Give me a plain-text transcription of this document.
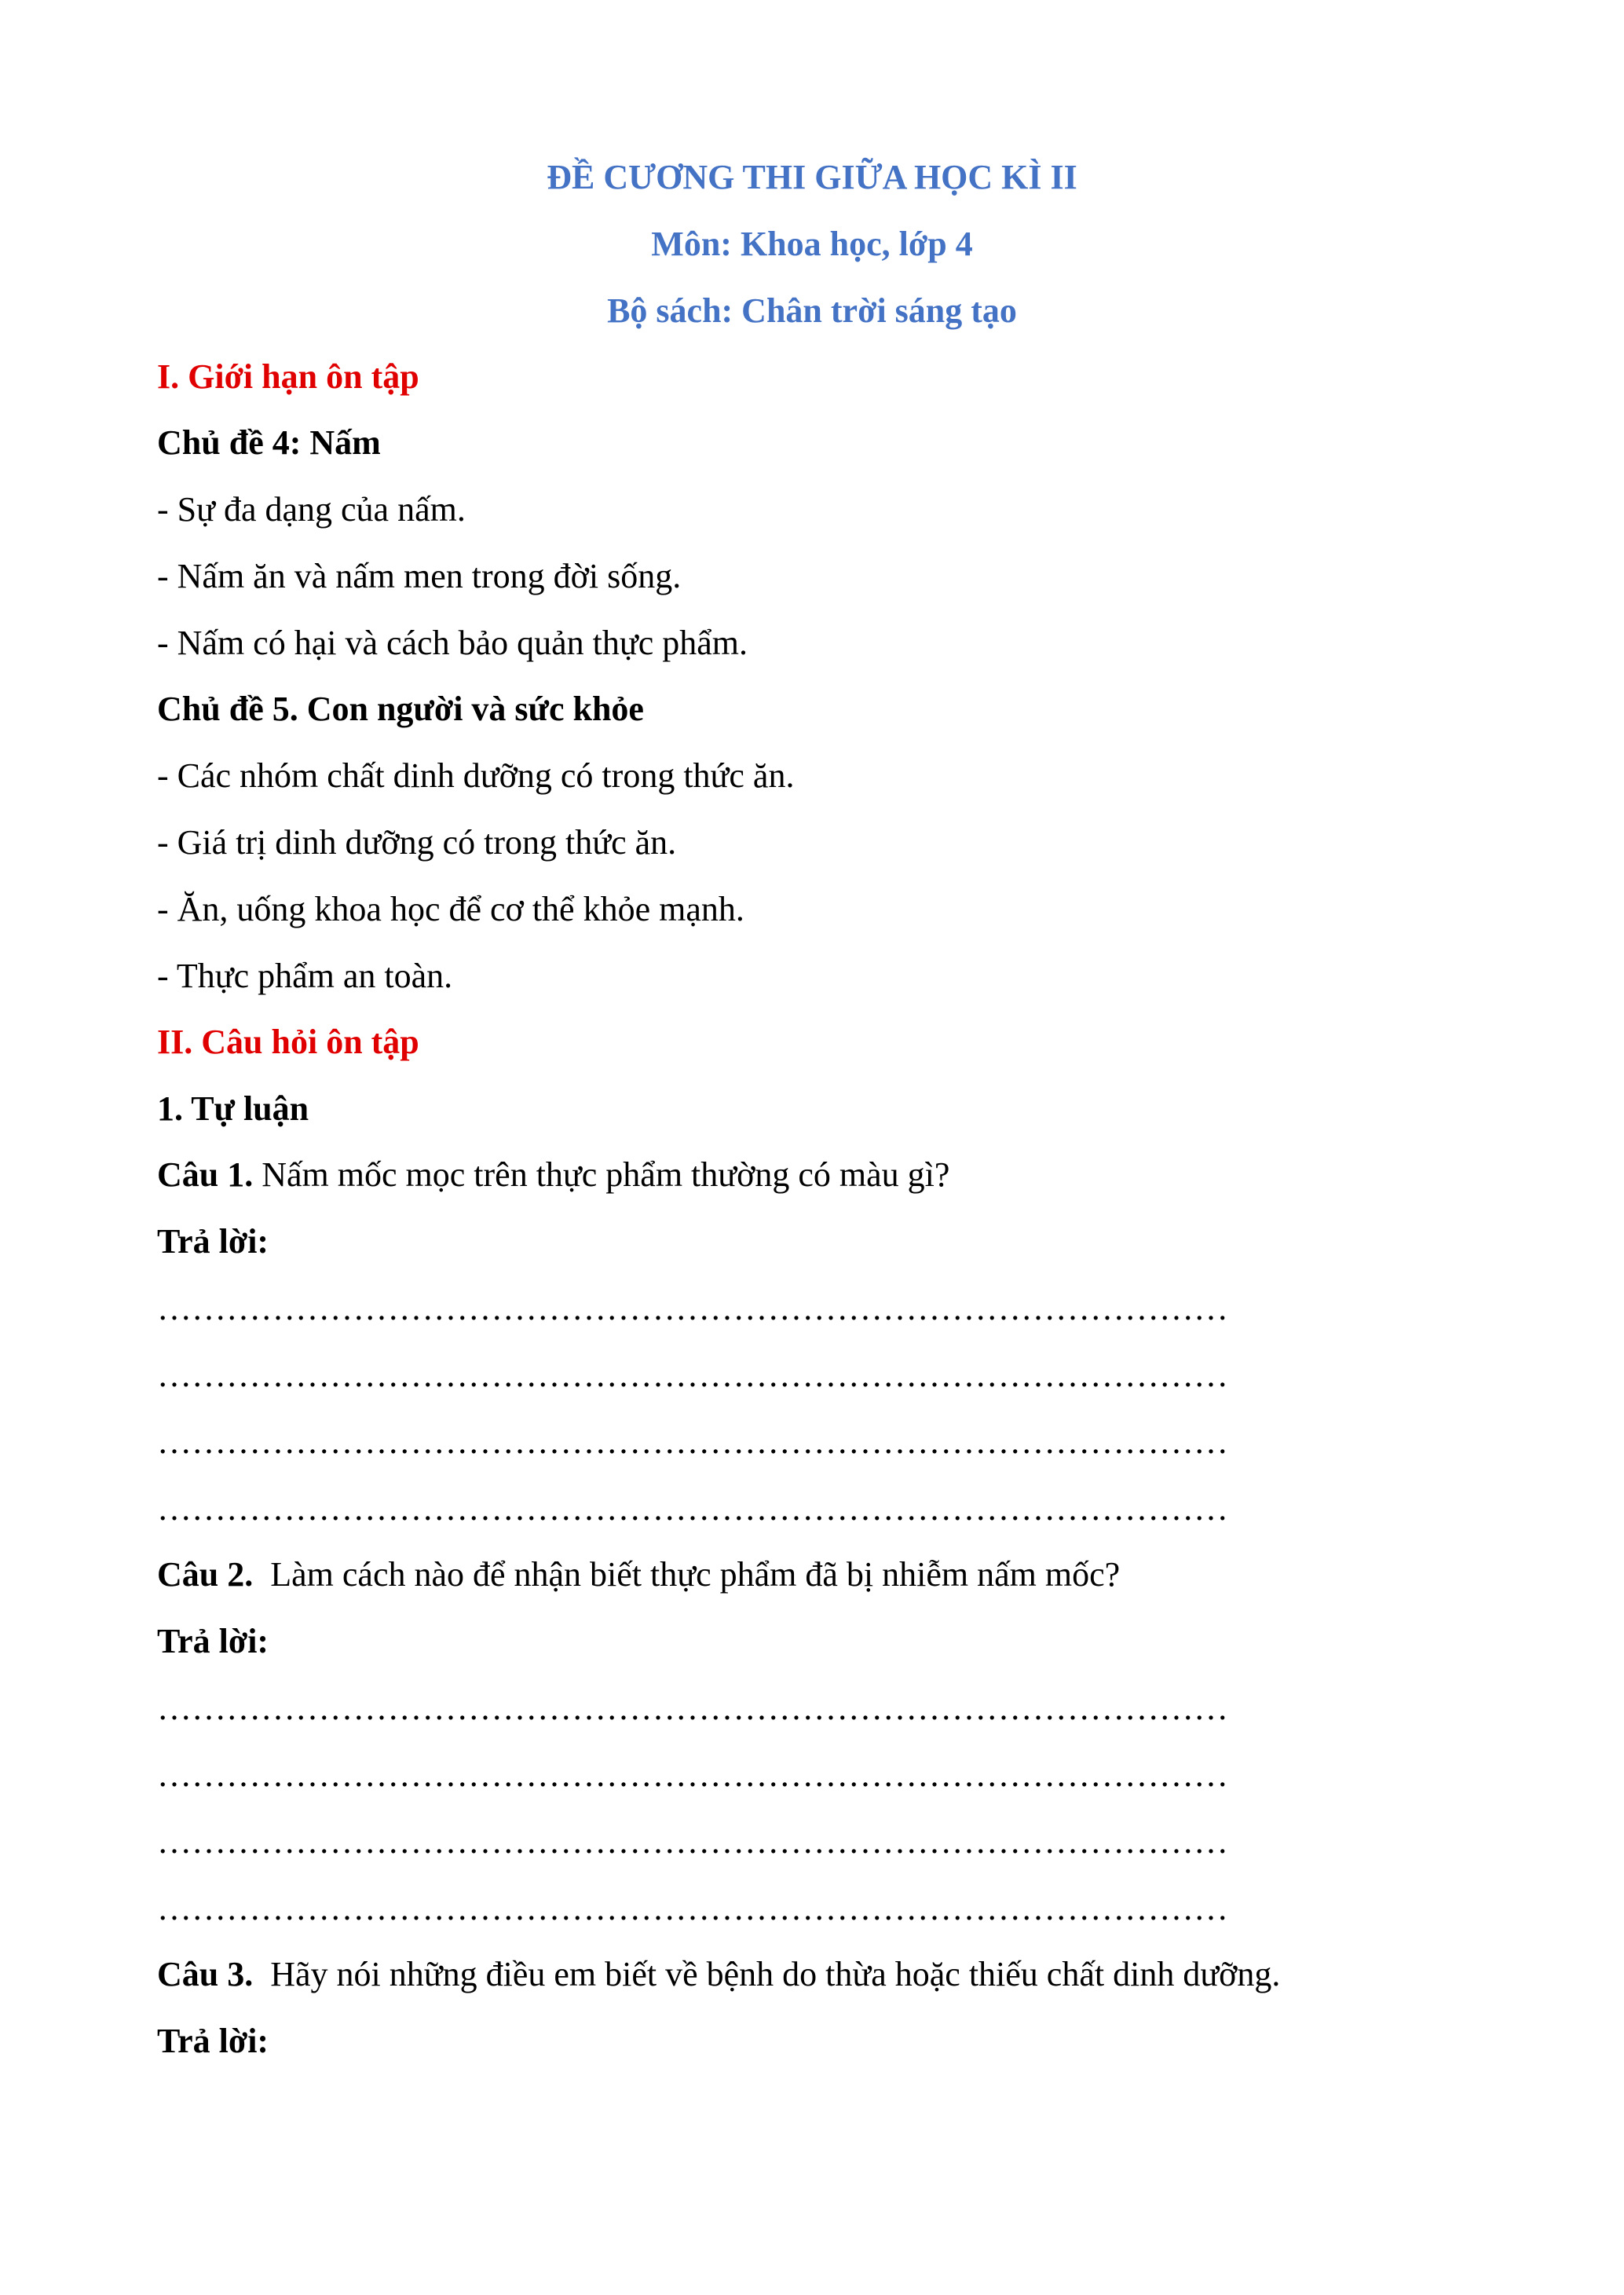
ĐỀ CƯƠNG THI GIỮA HỌC KÌ II
Môn: Khoa học, lớp 4
Bộ sách: Chân trời sáng tạo
I. Giới hạn ôn tập
Chủ đề 4: Nấm
- Sự đa dạng của nấm.
- Nấm ăn và nấm men trong đời sống.
- Nấm có hại và cách bảo quản thực phẩm.
Chủ đề 5. Con người và sức khỏe
- Các nhóm chất dinh dưỡng có trong thức ăn.
- Giá trị dinh dưỡng có trong thức ăn.
- Ăn, uống khoa học để cơ thể khỏe mạnh.
- Thực phẩm an toàn.
II. Câu hỏi ôn tập
1. Tự luận
Câu 1. Nấm mốc mọc trên thực phẩm thường có màu gì?
Trả lời:
…………………………………………………………………………………
…………………………………………………………………………………
…………………………………………………………………………………
…………………………………………………………………………………
Câu 2.  Làm cách nào để nhận biết thực phẩm đã bị nhiễm nấm mốc?
Trả lời:
…………………………………………………………………………………
…………………………………………………………………………………
…………………………………………………………………………………
…………………………………………………………………………………
Câu 3.  Hãy nói những điều em biết về bệnh do thừa hoặc thiếu chất dinh dưỡng.
Trả lời:
